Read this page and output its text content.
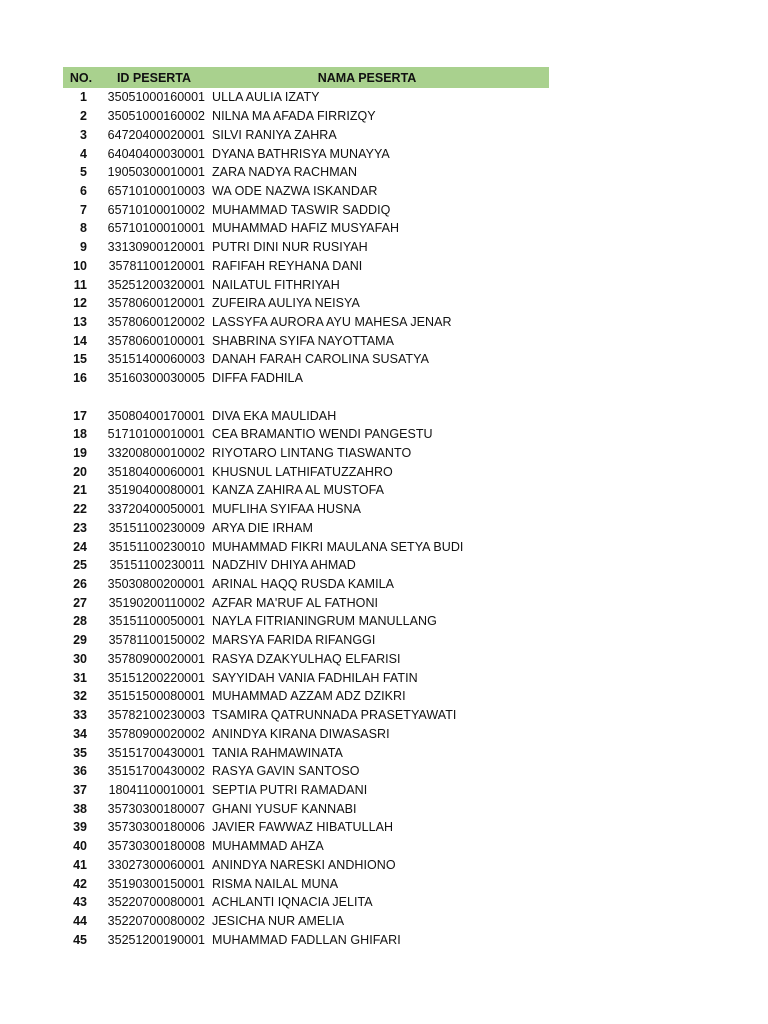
NO.	ID PESERTA	NAMA PESERTA
1	35051000160001 ULLA AULIA IZATY
2	35051000160002 NILNA MA AFADA FIRRIZQY
3	64720400020001 SILVI RANIYA ZAHRA
4	64040400030001 DYANA BATHRISYA MUNAYYA
5	19050300010001 ZARA NADYA RACHMAN
6	65710100010003 WA ODE NAZWA ISKANDAR
7	65710100010002 MUHAMMAD TASWIR SADDIQ
8	65710100010001 MUHAMMAD HAFIZ MUSYAFAH
9	33130900120001 PUTRI DINI NUR RUSIYAH
10	35781100120001 RAFIFAH REYHANA DANI
11	35251200320001 NAILATUL FITHRIYAH
12	35780600120001 ZUFEIRA AULIYA NEISYA
13	35780600120002 LASSYFA AURORA AYU MAHESA JENAR
14	35780600100001 SHABRINA SYIFA NAYOTTAMA
15	35151400060003 DANAH FARAH CAROLINA SUSATYA
16	35160300030005 DIFFA FADHILA
17	35080400170001 DIVA EKA MAULIDAH
18	51710100010001 CEA BRAMANTIO WENDI PANGESTU
19	33200800010002 RIYOTARO LINTANG TIASWANTO
20	35180400060001 KHUSNUL LATHIFATUZZAHRO
21	35190400080001 KANZA ZAHIRA AL MUSTOFA
22	33720400050001 MUFLIHA SYIFAA HUSNA
23	35151100230009 ARYA DIE IRHAM
24	35151100230010 MUHAMMAD FIKRI MAULANA SETYA BUDI
25	35151100230011 NADZHIV DHIYA AHMAD
26	35030800200001 ARINAL HAQQ RUSDA KAMILA
27	35190200110002 AZFAR MA'RUF AL FATHONI
28	35151100050001 NAYLA FITRIANINGRUM MANULLANG
29	35781100150002 MARSYA FARIDA RIFANGGI
30	35780900020001 RASYA DZAKYULHAQ ELFARISI
31	35151200220001 SAYYIDAH VANIA FADHILAH FATIN
32	35151500080001 MUHAMMAD AZZAM ADZ DZIKRI
33	35782100230003 TSAMIRA QATRUNNADA PRASETYAWATI
34	35780900020002 ANINDYA KIRANA DIWASASRI
35	35151700430001 TANIA RAHMAWINATA
36	35151700430002 RASYA GAVIN SANTOSO
37	18041100010001 SEPTIA PUTRI RAMADANI
38	35730300180007 GHANI YUSUF KANNABI
39	35730300180006 JAVIER FAWWAZ HIBATULLAH
40	35730300180008 MUHAMMAD AHZA
41	33027300060001 ANINDYA NARESKI ANDHIONO
42	35190300150001 RISMA NAILAL MUNA
43	35220700080001 ACHLANTI IQNACIA JELITA
44	35220700080002 JESICHA NUR AMELIA
45	35251200190001 MUHAMMAD FADLLAN GHIFARI
